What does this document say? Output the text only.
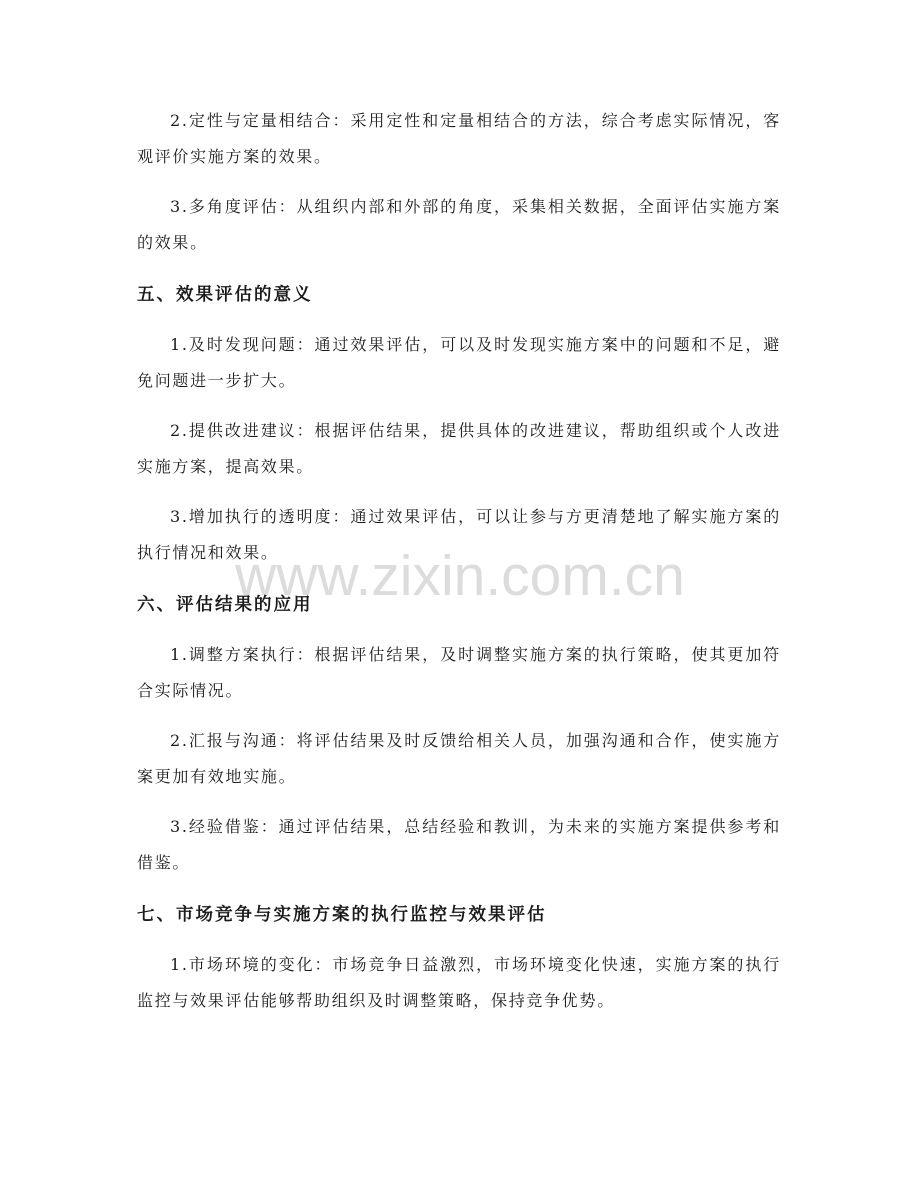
www.zixin.com.cn
2.定性与定量相结合：采用定性和定量相结合的方法，综合考虑实际情况，客
观评价实施方案的效果。
3.多角度评估：从组织内部和外部的角度，采集相关数据，全面评估实施方案
的效果。
五、效果评估的意义
1.及时发现问题：通过效果评估，可以及时发现实施方案中的问题和不足，避
免问题进一步扩大。
2.提供改进建议：根据评估结果，提供具体的改进建议，帮助组织或个人改进
实施方案，提高效果。
3.增加执行的透明度：通过效果评估，可以让参与方更清楚地了解实施方案的
执行情况和效果。
六、评估结果的应用
1.调整方案执行：根据评估结果，及时调整实施方案的执行策略，使其更加符
合实际情况。
2.汇报与沟通：将评估结果及时反馈给相关人员，加强沟通和合作，使实施方
案更加有效地实施。
3.经验借鉴：通过评估结果，总结经验和教训，为未来的实施方案提供参考和
借鉴。
七、市场竞争与实施方案的执行监控与效果评估
1.市场环境的变化：市场竞争日益激烈，市场环境变化快速，实施方案的执行
监控与效果评估能够帮助组织及时调整策略，保持竞争优势。
